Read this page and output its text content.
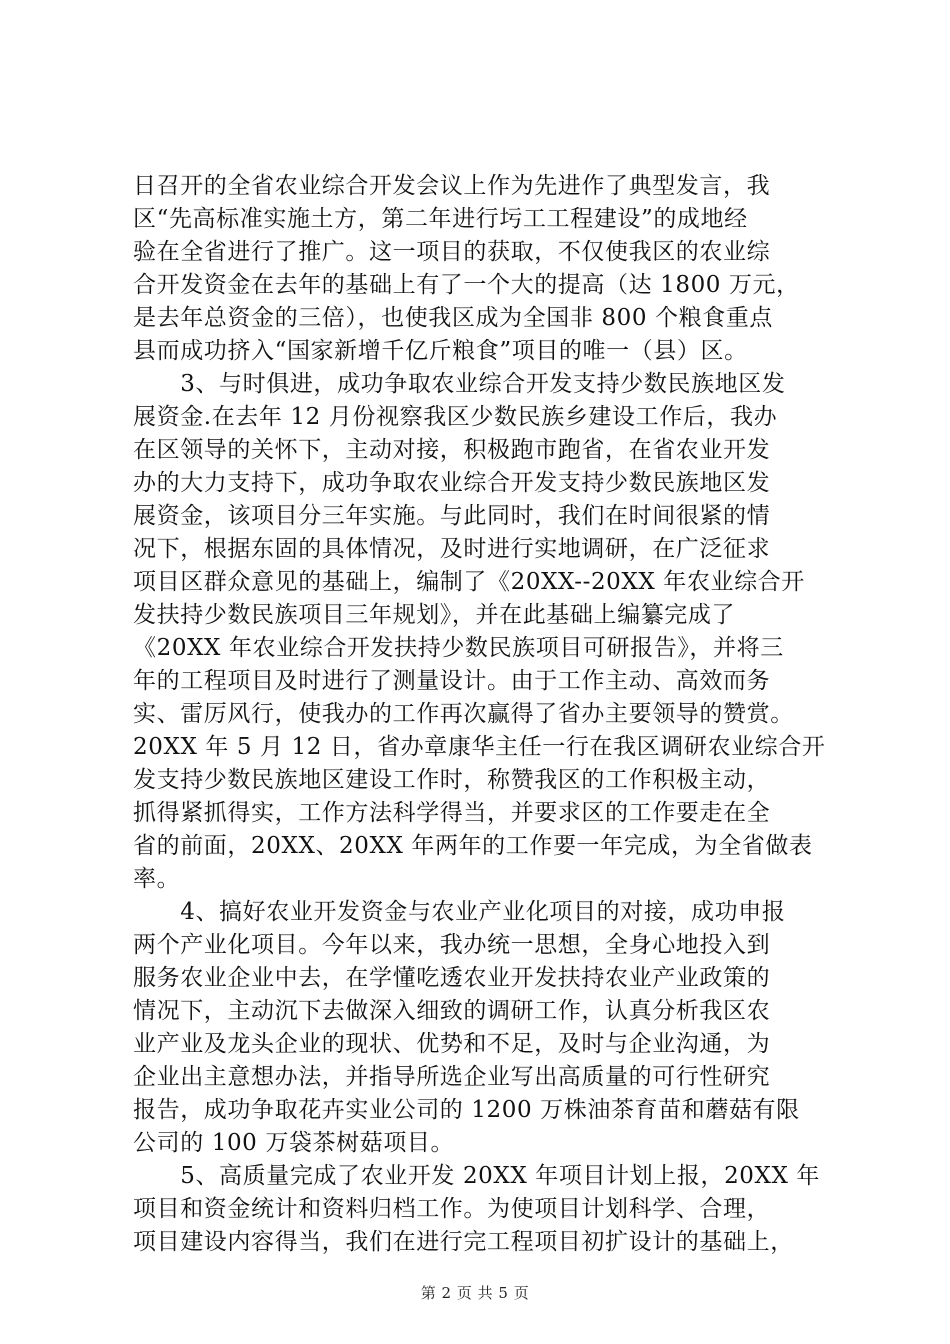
日召开的全省农业综合开发会议上作为先进作了典型发言，我
区“先高标准实施土方，第二年进行圬工工程建设”的成地经
验在全省进行了推广。这一项目的获取，不仅使我区的农业综
合开发资金在去年的基础上有了一个大的提高（达 1800 万元，
是去年总资金的三倍），也使我区成为全国非 800 个粮食重点
县而成功挤入“国家新增千亿斤粮食”项目的唯一（县）区。
　　3、与时俱进，成功争取农业综合开发支持少数民族地区发
展资金.在去年 12 月份视察我区少数民族乡建设工作后，我办
在区领导的关怀下，主动对接，积极跑市跑省，在省农业开发
办的大力支持下，成功争取农业综合开发支持少数民族地区发
展资金，该项目分三年实施。与此同时，我们在时间很紧的情
况下，根据东固的具体情况，及时进行实地调研，在广泛征求
项目区群众意见的基础上，编制了《20XX--20XX 年农业综合开
发扶持少数民族项目三年规划》，并在此基础上编纂完成了
《20XX 年农业综合开发扶持少数民族项目可研报告》，并将三
年的工程项目及时进行了测量设计。由于工作主动、高效而务
实、雷厉风行，使我办的工作再次赢得了省办主要领导的赞赏。
20XX 年 5 月 12 日，省办章康华主任一行在我区调研农业综合开
发支持少数民族地区建设工作时，称赞我区的工作积极主动，
抓得紧抓得实，工作方法科学得当，并要求区的工作要走在全
省的前面，20XX、20XX 年两年的工作要一年完成，为全省做表
率。
　　4、搞好农业开发资金与农业产业化项目的对接，成功申报
两个产业化项目。今年以来，我办统一思想，全身心地投入到
服务农业企业中去，在学懂吃透农业开发扶持农业产业政策的
情况下，主动沉下去做深入细致的调研工作，认真分析我区农
业产业及龙头企业的现状、优势和不足，及时与企业沟通，为
企业出主意想办法，并指导所选企业写出高质量的可行性研究
报告，成功争取花卉实业公司的 1200 万株油茶育苗和蘑菇有限
公司的 100 万袋茶树菇项目。
　　5、高质量完成了农业开发 20XX 年项目计划上报，20XX 年
项目和资金统计和资料归档工作。为使项目计划科学、合理，
项目建设内容得当，我们在进行完工程项目初扩设计的基础上，
第 2 页 共 5 页
